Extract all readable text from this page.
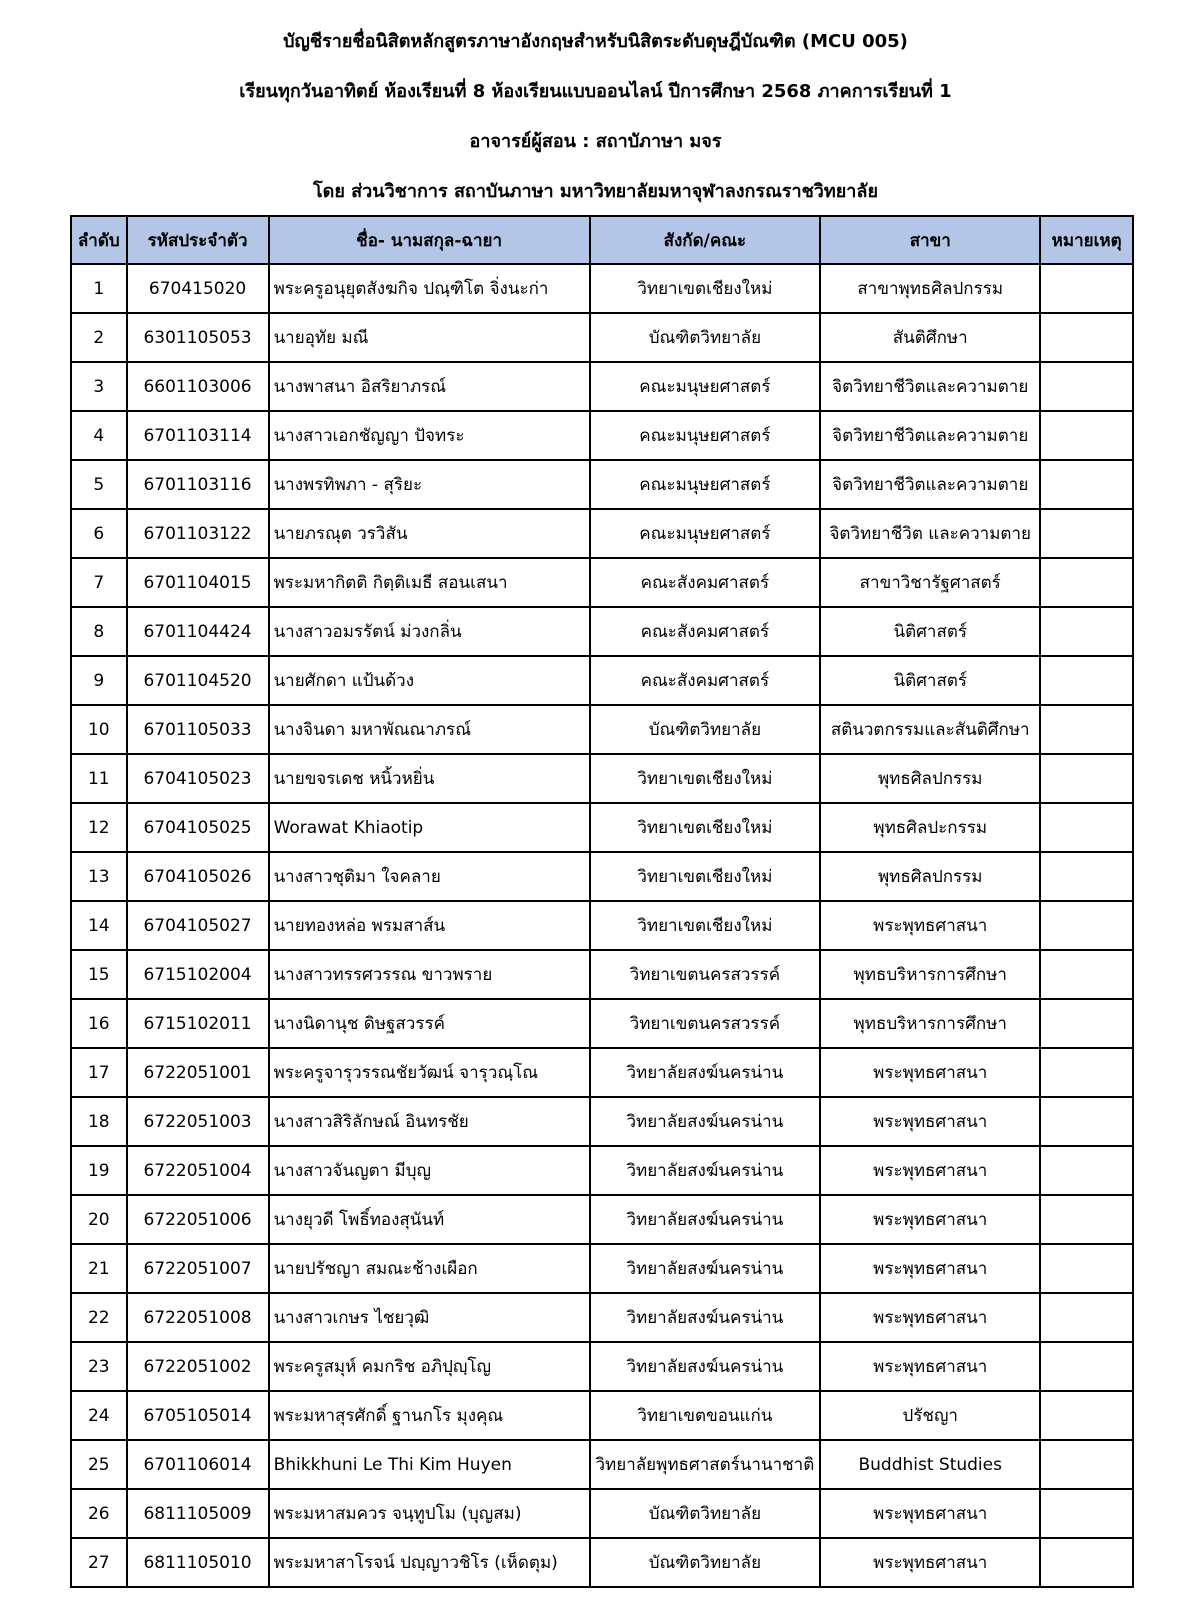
บัญชีรายชื่อนิสิตหลักสูตรภาษาอังกฤษสำหรับนิสิตระดับดุษฎีบัณฑิต (MCU 005)
เรียนทุกวันอาทิตย์ ห้องเรียนที่ 8 ห้องเรียนแบบออนไลน์ ปีการศึกษา 2568 ภาคการเรียนที่ 1
อาจารย์ผู้สอน : สถาบัภาษา มจร
โดย ส่วนวิชาการ สถาบันภาษา มหาวิทยาลัยมหาจุฬาลงกรณราชวิทยาลัย
ลำดับ	รหัสประจำตัว	ชื่อ- นามสกุล-ฉายา	สังกัด/คณะ	สาขา	หมายเหตุ
1	670415020	พระครูอนุยุตสังฆกิจ ปณฺฑิโต จิ่งนะก่า	วิทยาเขตเชียงใหม่	สาขาพุทธศิลปกรรม	
2	6301105053	นายอุทัย มณี	บัณฑิตวิทยาลัย	สันติศึกษา	
3	6601103006	นางพาสนา อิสริยาภรณ์	คณะมนุษยศาสตร์	จิตวิทยาชีวิตและความตาย	
4	6701103114	นางสาวเอกชัญญา ปัจทระ	คณะมนุษยศาสตร์	จิตวิทยาชีวิตและความตาย	
5	6701103116	นางพรทิพภา - สุริยะ	คณะมนุษยศาสตร์	จิตวิทยาชีวิตและความตาย	
6	6701103122	นายภรณุต วรวิสัน	คณะมนุษยศาสตร์	จิตวิทยาชีวิต และความตาย	
7	6701104015	พระมหากิตติ กิตฺติเมธี สอนเสนา	คณะสังคมศาสตร์	สาขาวิชารัฐศาสตร์	
8	6701104424	นางสาวอมรรัตน์ ม่วงกลิ่น	คณะสังคมศาสตร์	นิติศาสตร์	
9	6701104520	นายศักดา แป้นด้วง	คณะสังคมศาสตร์	นิติศาสตร์	
10	6701105033	นางจินดา มหาพัณณาภรณ์	บัณฑิตวิทยาลัย	สตินวตกรรมและสันติศึกษา	
11	6704105023	นายขจรเดช หนิ้วหยิ่น	วิทยาเขตเชียงใหม่	พุทธศิลปกรรม	
12	6704105025	Worawat Khiaotip	วิทยาเขตเชียงใหม่	พุทธศิลปะกรรม	
13	6704105026	นางสาวชุติมา ใจคลาย	วิทยาเขตเชียงใหม่	พุทธศิลปกรรม	
14	6704105027	นายทองหล่อ พรมสาส์น	วิทยาเขตเชียงใหม่	พระพุทธศาสนา	
15	6715102004	นางสาวทรรศวรรณ ขาวพราย	วิทยาเขตนครสวรรค์	พุทธบริหารการศึกษา	
16	6715102011	นางนิดานุช ดิษฐสวรรค์	วิทยาเขตนครสวรรค์	พุทธบริหารการศึกษา	
17	6722051001	พระครูจารุวรรณชัยวัฒน์ จารุวณฺโณ	วิทยาลัยสงฆ์นครน่าน	พระพุทธศาสนา	
18	6722051003	นางสาวสิริลักษณ์ อินทรชัย	วิทยาลัยสงฆ์นครน่าน	พระพุทธศาสนา	
19	6722051004	นางสาวจันญตา มีบุญ	วิทยาลัยสงฆ์นครน่าน	พระพุทธศาสนา	
20	6722051006	นางยุวดี โพธิ์ทองสุนันท์	วิทยาลัยสงฆ์นครน่าน	พระพุทธศาสนา	
21	6722051007	นายปรัชญา สมณะช้างเผือก	วิทยาลัยสงฆ์นครน่าน	พระพุทธศาสนา	
22	6722051008	นางสาวเกษร ไชยวุฒิ	วิทยาลัยสงฆ์นครน่าน	พระพุทธศาสนา	
23	6722051002	พระครูสมุห์ คมกริช อภิปุญฺโญ	วิทยาลัยสงฆ์นครน่าน	พระพุทธศาสนา	
24	6705105014	พระมหาสุรศักดิ์ ฐานกโร มุงคุณ	วิทยาเขตขอนแก่น	ปรัชญา	
25	6701106014	Bhikkhuni Le Thi Kim Huyen	วิทยาลัยพุทธศาสตร์นานาชาติ	Buddhist Studies	
26	6811105009	พระมหาสมควร จนฺทูปโม (บุญสม)	บัณฑิตวิทยาลัย	พระพุทธศาสนา	
27	6811105010	พระมหาสาโรจน์ ปญฺญาวชิโร (เห็ดตุม)	บัณฑิตวิทยาลัย	พระพุทธศาสนา	
